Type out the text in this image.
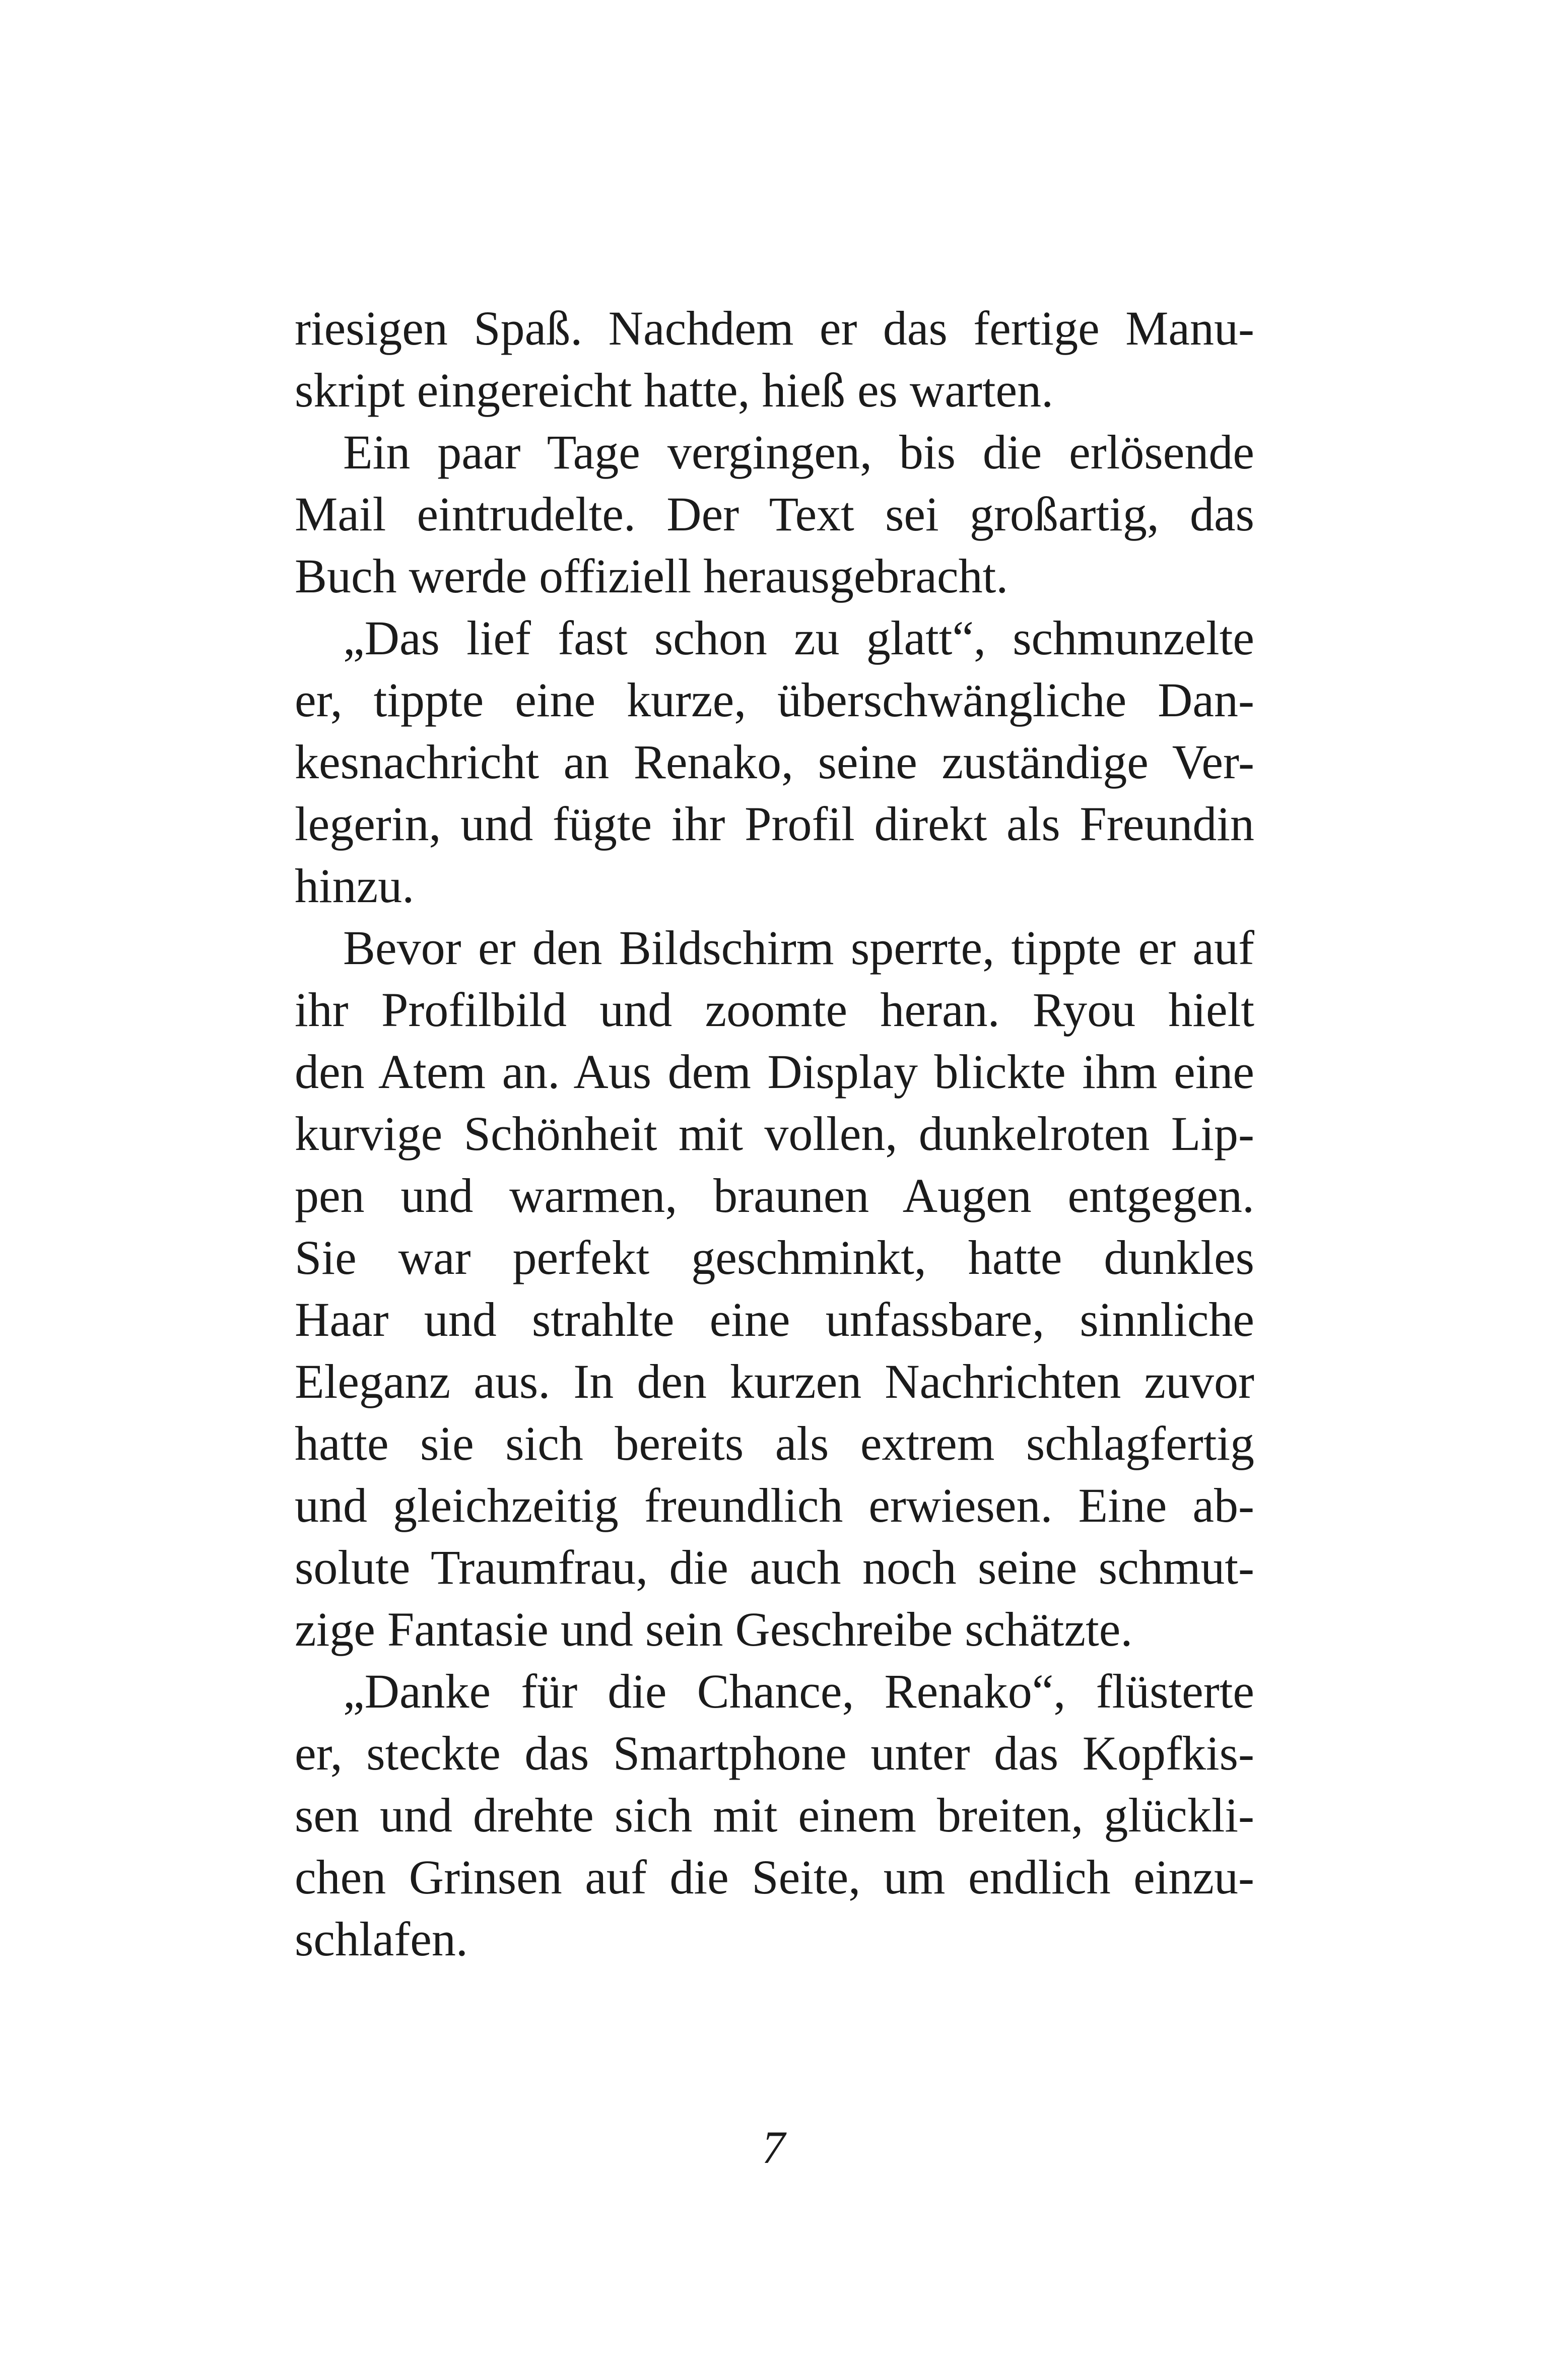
riesigen Spaß. Nachdem er das fertige Manu-
skript eingereicht hatte, hieß es warten.
Ein paar Tage vergingen, bis die erlösende
Mail eintrudelte. Der Text sei großartig, das
Buch werde offiziell herausgebracht.
„Das lief fast schon zu glatt“, schmunzelte
er, tippte eine kurze, überschwängliche Dan-
kesnachricht an Renako, seine zuständige Ver-
legerin, und fügte ihr Profil direkt als Freundin
hinzu.
Bevor er den Bildschirm sperrte, tippte er auf
ihr Profilbild und zoomte heran. Ryou hielt
den Atem an. Aus dem Display blickte ihm eine
kurvige Schönheit mit vollen, dunkelroten Lip-
pen und warmen, braunen Augen entgegen.
Sie war perfekt geschminkt, hatte dunkles
Haar und strahlte eine unfassbare, sinnliche
Eleganz aus. In den kurzen Nachrichten zuvor
hatte sie sich bereits als extrem schlagfertig
und gleichzeitig freundlich erwiesen. Eine ab-
solute Traumfrau, die auch noch seine schmut-
zige Fantasie und sein Geschreibe schätzte.
„Danke für die Chance, Renako“, flüsterte
er, steckte das Smartphone unter das Kopfkis-
sen und drehte sich mit einem breiten, glückli-
chen Grinsen auf die Seite, um endlich einzu-
schlafen.
7
